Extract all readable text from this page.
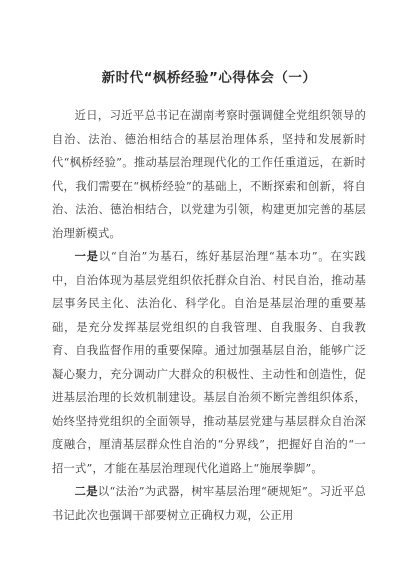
新时代“枫桥经验”心得体会（一）

近日，习近平总书记在湖南考察时强调健全党组织领导的自治、法治、德治相结合的基层治理体系，坚持和发展新时代“枫桥经验”。推动基层治理现代化的工作任重道远，在新时代，我们需要在“枫桥经验”的基础上，不断探索和创新，将自治、法治、德治相结合，以党建为引领，构建更加完善的基层治理新模式。

一是以“自治”为基石，练好基层治理“基本功”。在实践中，自治体现为基层党组织依托群众自治、村民自治，推动基层事务民主化、法治化、科学化。自治是基层治理的重要基础，是充分发挥基层党组织的自我管理、自我服务、自我教育、自我监督作用的重要保障。通过加强基层自治，能够广泛凝心聚力，充分调动广大群众的积极性、主动性和创造性，促进基层治理的长效机制建设。基层自治须不断完善组织体系，始终坚持党组织的全面领导，推动基层党建与基层群众自治深度融合，厘清基层群众性自治的“分界线”，把握好自治的“一招一式”，才能在基层治理现代化道路上“施展拳脚”。

二是以“法治”为武器，树牢基层治理“硬规矩”。习近平总书记此次也强调干部要树立正确权力观，公正用
